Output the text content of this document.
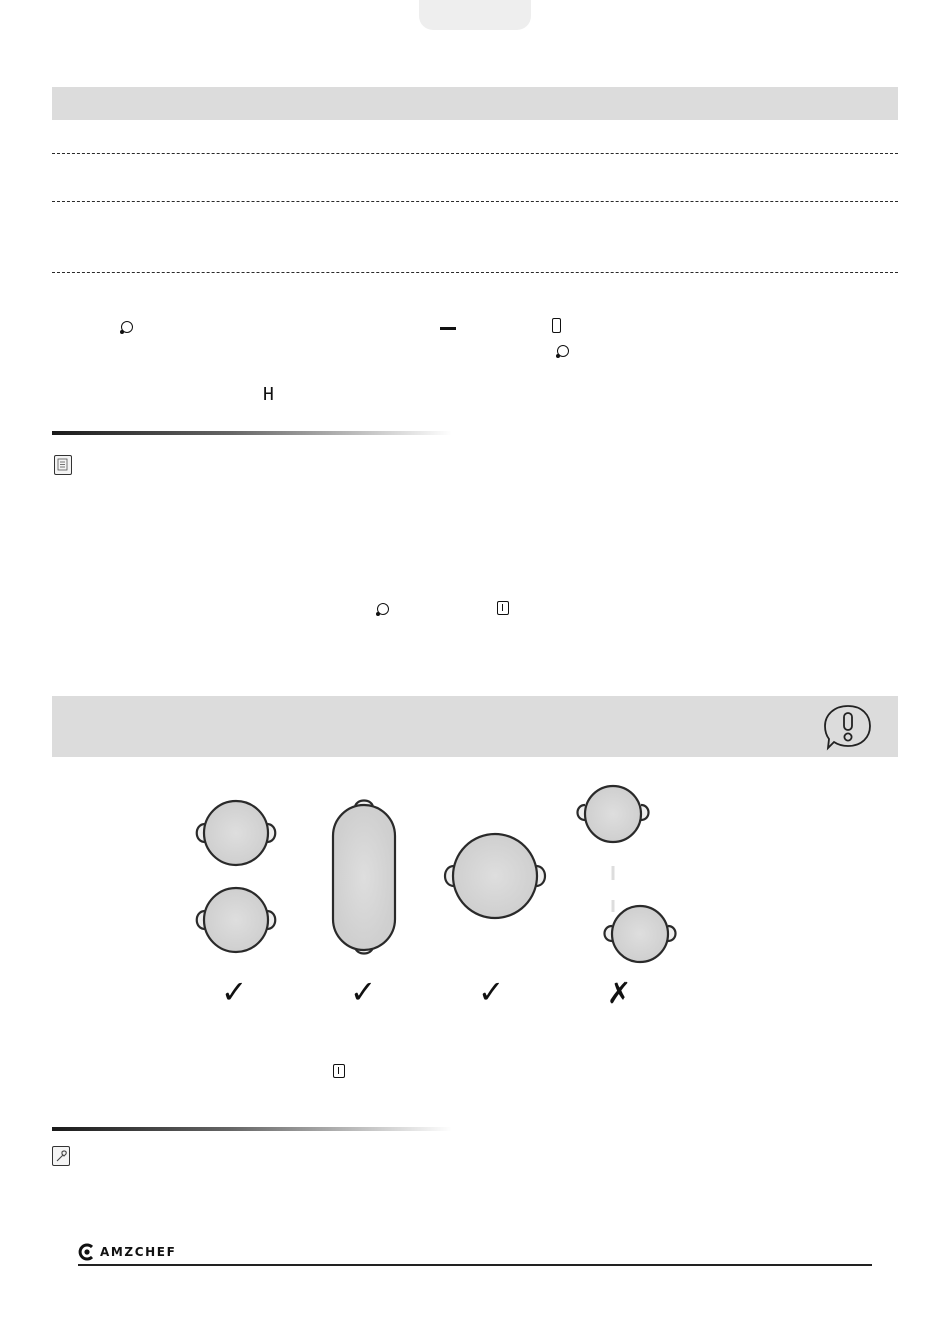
H
✓	✓	✓	✗
AMZCHEF
